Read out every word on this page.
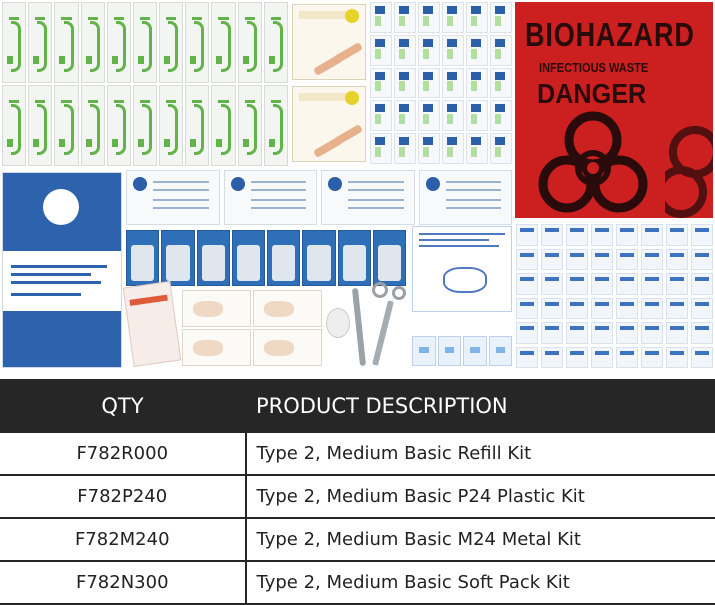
BIOHAZARD
INFECTIOUS WASTE
DANGER
QTY	PRODUCT DESCRIPTION
F782R000	Type 2, Medium Basic Refill Kit
F782P240	Type 2, Medium Basic P24 Plastic Kit
F782M240	Type 2, Medium Basic M24 Metal Kit
F782N300	Type 2, Medium Basic Soft Pack Kit
